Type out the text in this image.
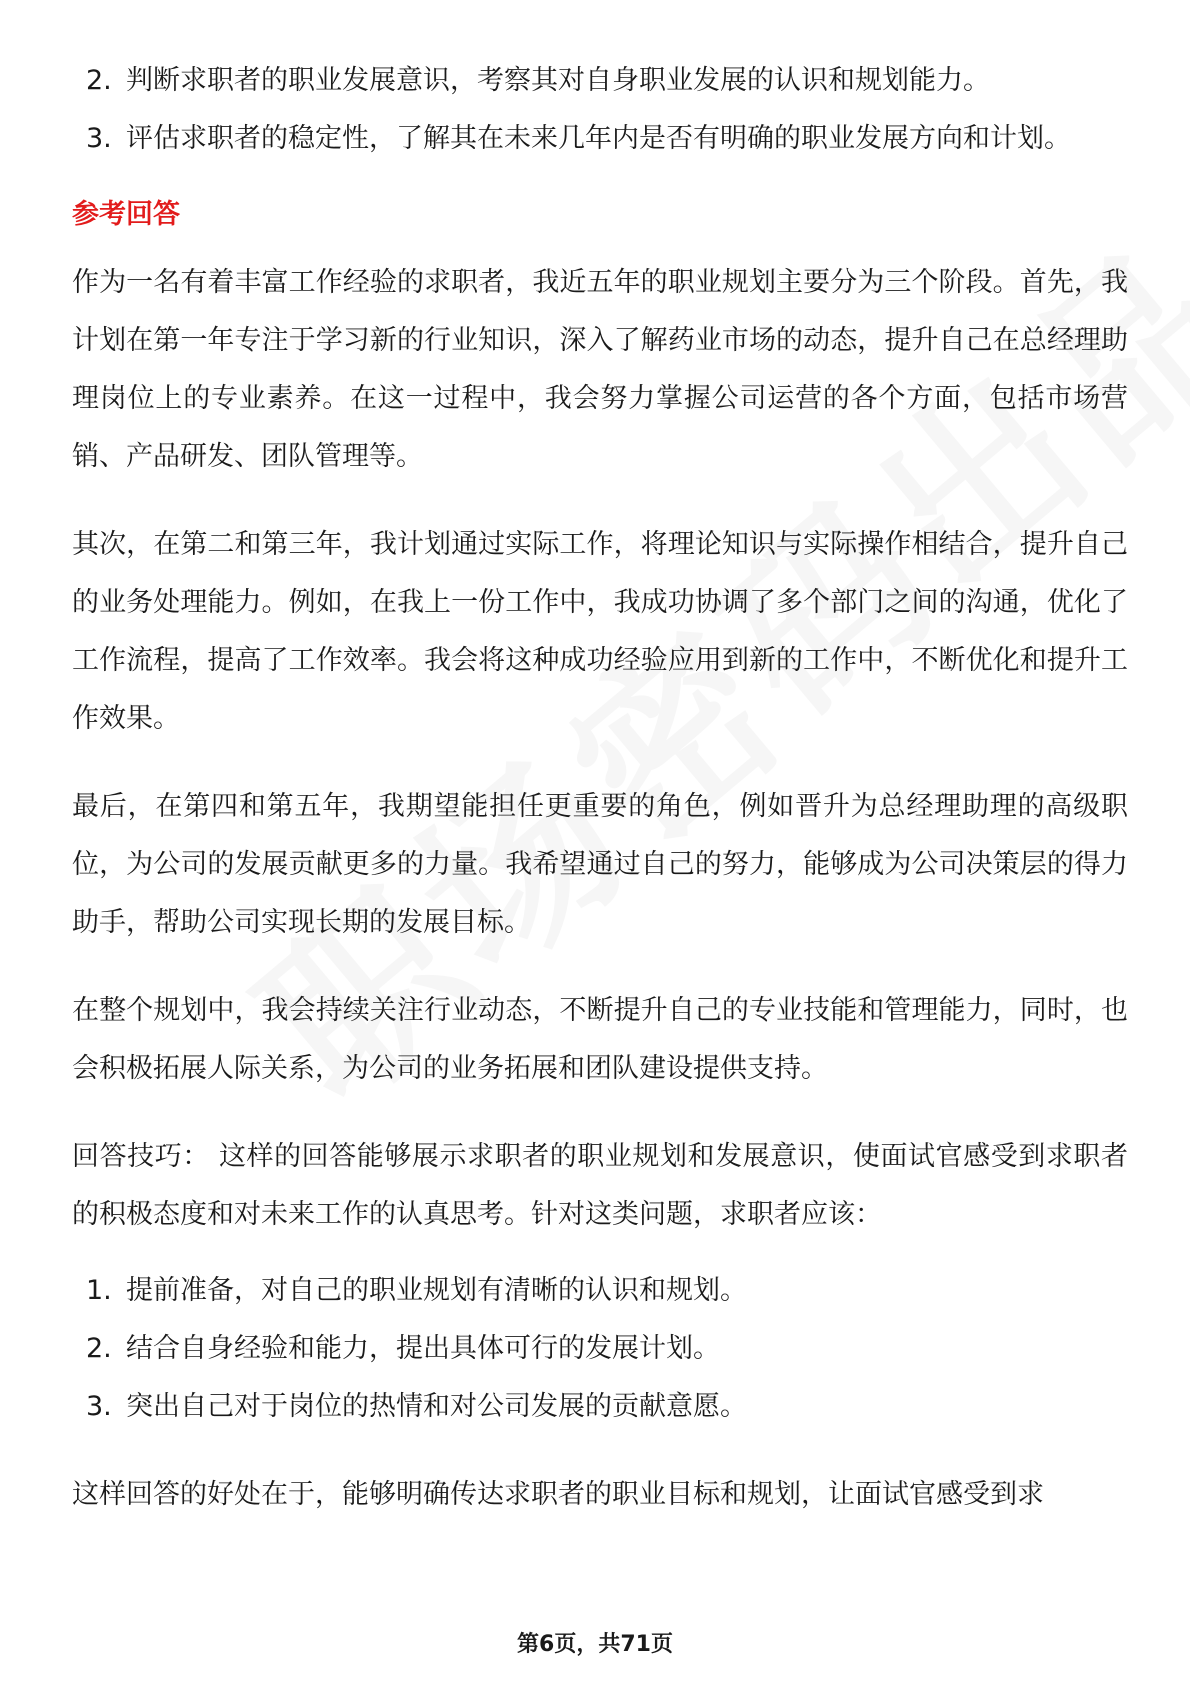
2. 判断求职者的职业发展意识，考察其对自身职业发展的认识和规划能力。
3. 评估求职者的稳定性，了解其在未来几年内是否有明确的职业发展方向和计划。
参考回答

作为一名有着丰富工作经验的求职者，我近五年的职业规划主要分为三个阶段。首先，我计划在第一年专注于学习新的行业知识，深入了解药业市场的动态，提升自己在总经理助理岗位上的专业素养。在这一过程中，我会努力掌握公司运营的各个方面，包括市场营销、产品研发、团队管理等。

其次，在第二和第三年，我计划通过实际工作，将理论知识与实际操作相结合，提升自己的业务处理能力。例如，在我上一份工作中，我成功协调了多个部门之间的沟通，优化了工作流程，提高了工作效率。我会将这种成功经验应用到新的工作中，不断优化和提升工作效果。

最后，在第四和第五年，我期望能担任更重要的角色，例如晋升为总经理助理的高级职位，为公司的发展贡献更多的力量。我希望通过自己的努力，能够成为公司决策层的得力助手，帮助公司实现长期的发展目标。

在整个规划中，我会持续关注行业动态，不断提升自己的专业技能和管理能力，同时，也会积极拓展人际关系，为公司的业务拓展和团队建设提供支持。

回答技巧： 这样的回答能够展示求职者的职业规划和发展意识，使面试官感受到求职者的积极态度和对未来工作的认真思考。针对这类问题，求职者应该：

1. 提前准备，对自己的职业规划有清晰的认识和规划。
2. 结合自身经验和能力，提出具体可行的发展计划。
3. 突出自己对于岗位的热情和对公司发展的贡献意愿。

这样回答的好处在于，能够明确传达求职者的职业目标和规划，让面试官感受到求

第6页，共71页
